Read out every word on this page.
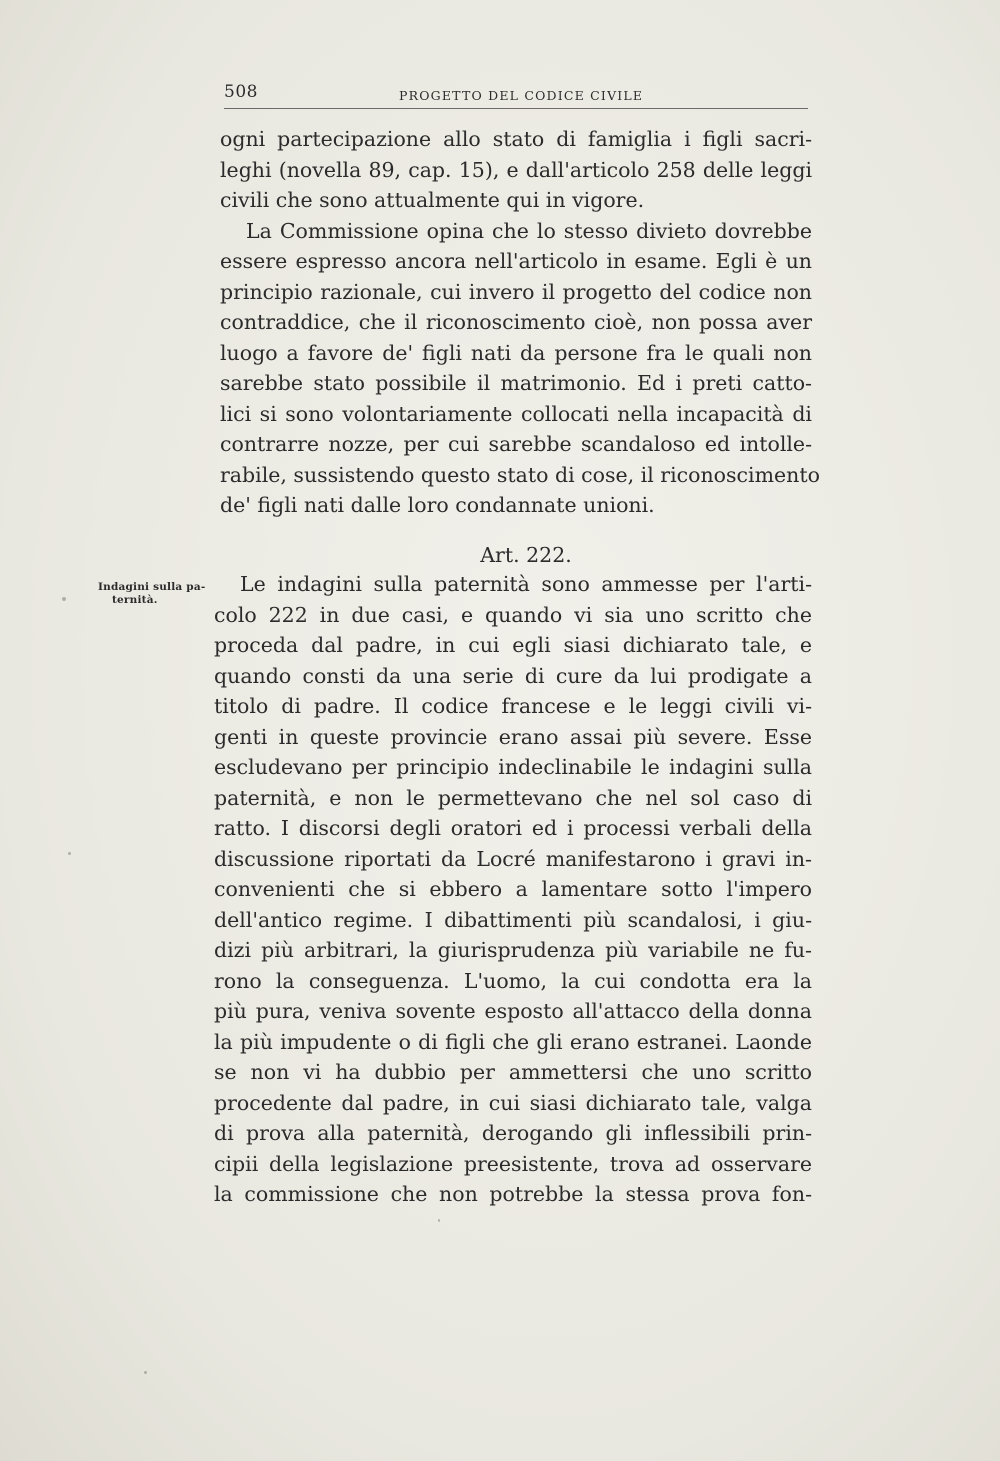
508	PROGETTO DEL CODICE CIVILE
ogni partecipazione allo stato di famiglia i figli sacri-
leghi (novella 89, cap. 15), e dall'articolo 258 delle leggi
civili che sono attualmente qui in vigore.
La Commissione opina che lo stesso divieto dovrebbe
essere espresso ancora nell'articolo in esame. Egli è un
principio razionale, cui invero il progetto del codice non
contraddice, che il riconoscimento cioè, non possa aver
luogo a favore de' figli nati da persone fra le quali non
sarebbe stato possibile il matrimonio. Ed i preti catto-
lici si sono volontariamente collocati nella incapacità di
contrarre nozze, per cui sarebbe scandaloso ed intolle-
rabile, sussistendo questo stato di cose, il riconoscimento
de' figli nati dalle loro condannate unioni.
Art. 222.
Indagini sulla pa-
ternità.
Le indagini sulla paternità sono ammesse per l'arti-
colo 222 in due casi, e quando vi sia uno scritto che
proceda dal padre, in cui egli siasi dichiarato tale, e
quando consti da una serie di cure da lui prodigate a
titolo di padre. Il codice francese e le leggi civili vi-
genti in queste provincie erano assai più severe. Esse
escludevano per principio indeclinabile le indagini sulla
paternità, e non le permettevano che nel sol caso di
ratto. I discorsi degli oratori ed i processi verbali della
discussione riportati da Locré manifestarono i gravi in-
convenienti che si ebbero a lamentare sotto l'impero
dell'antico regime. I dibattimenti più scandalosi, i giu-
dizi più arbitrari, la giurisprudenza più variabile ne fu-
rono la conseguenza. L'uomo, la cui condotta era la
più pura, veniva sovente esposto all'attacco della donna
la più impudente o di figli che gli erano estranei. Laonde
se non vi ha dubbio per ammettersi che uno scritto
procedente dal padre, in cui siasi dichiarato tale, valga
di prova alla paternità, derogando gli inflessibili prin-
cipii della legislazione preesistente, trova ad osservare
la commissione che non potrebbe la stessa prova fon-
